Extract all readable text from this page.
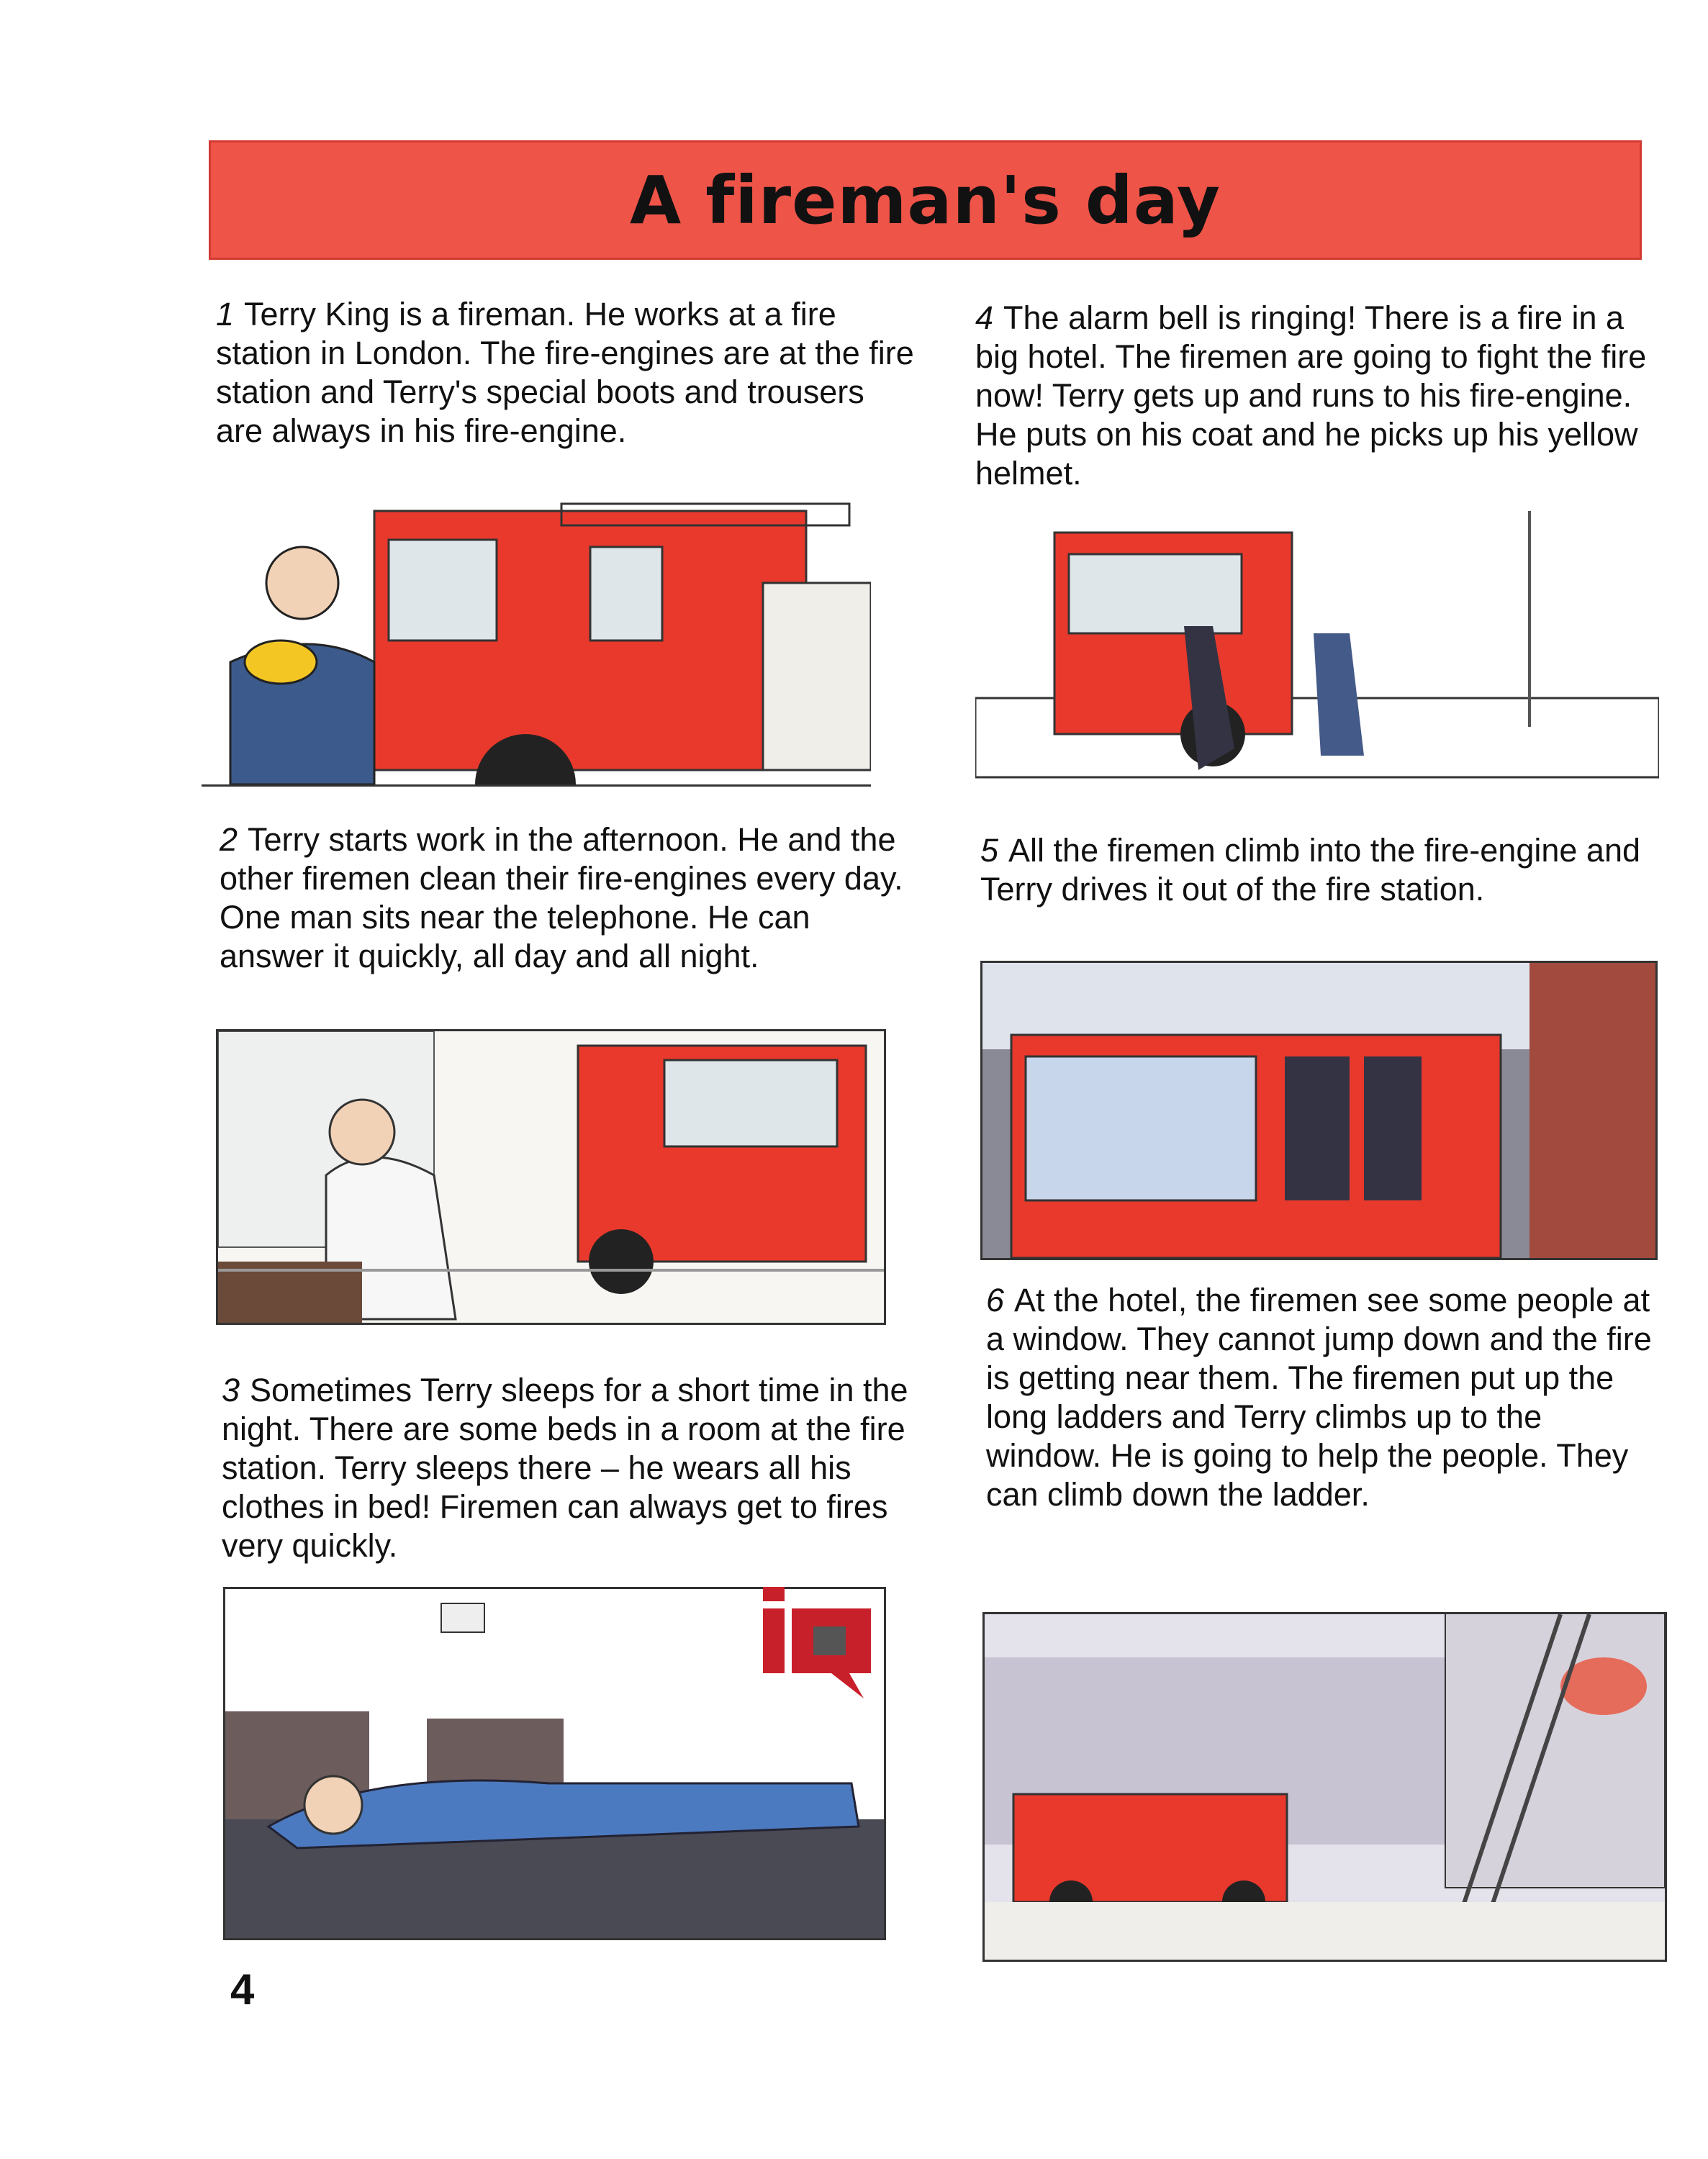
A fireman's day
1 Terry King is a fireman. He works at a fire station in London. The fire-engines are at the fire station and Terry's special boots and trousers are always in his fire-engine.
2 Terry starts work in the afternoon. He and the other firemen clean their fire-engines every day. One man sits near the telephone. He can answer it quickly, all day and all night.
3 Sometimes Terry sleeps for a short time in the night. There are some beds in a room at the fire station. Terry sleeps there – he wears all his clothes in bed! Firemen can always get to fires very quickly.
4 The alarm bell is ringing! There is a fire in a big hotel. The firemen are going to fight the fire now! Terry gets up and runs to his fire-engine. He puts on his coat and he picks up his yellow helmet.
5 All the firemen climb into the fire-engine and Terry drives it out of the fire station.
6 At the hotel, the firemen see some people at a window. They cannot jump down and the fire is getting near them. The firemen put up the long ladders and Terry climbs up to the window. He is going to help the people. They can climb down the ladder.
4
